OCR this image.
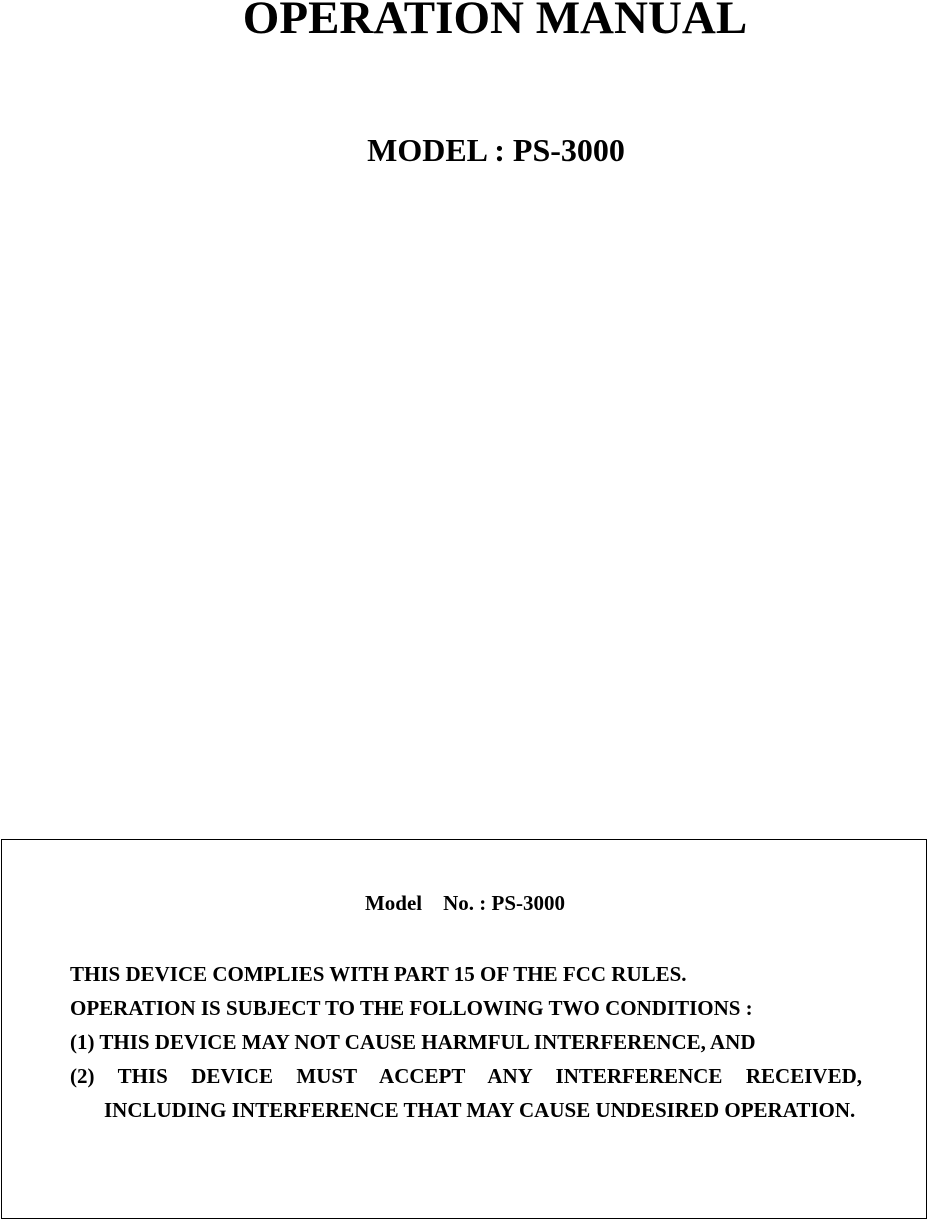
OPERATION MANUAL
MODEL : PS-3000
Model    No. : PS-3000
THIS DEVICE COMPLIES WITH PART 15 OF THE FCC RULES.
OPERATION IS SUBJECT TO THE FOLLOWING TWO CONDITIONS :
(1) THIS DEVICE MAY NOT CAUSE HARMFUL INTERFERENCE, AND
(2) THIS DEVICE MUST ACCEPT ANY INTERFERENCE RECEIVED, INCLUDING INTERFERENCE THAT MAY CAUSE UNDESIRED OPERATION.
